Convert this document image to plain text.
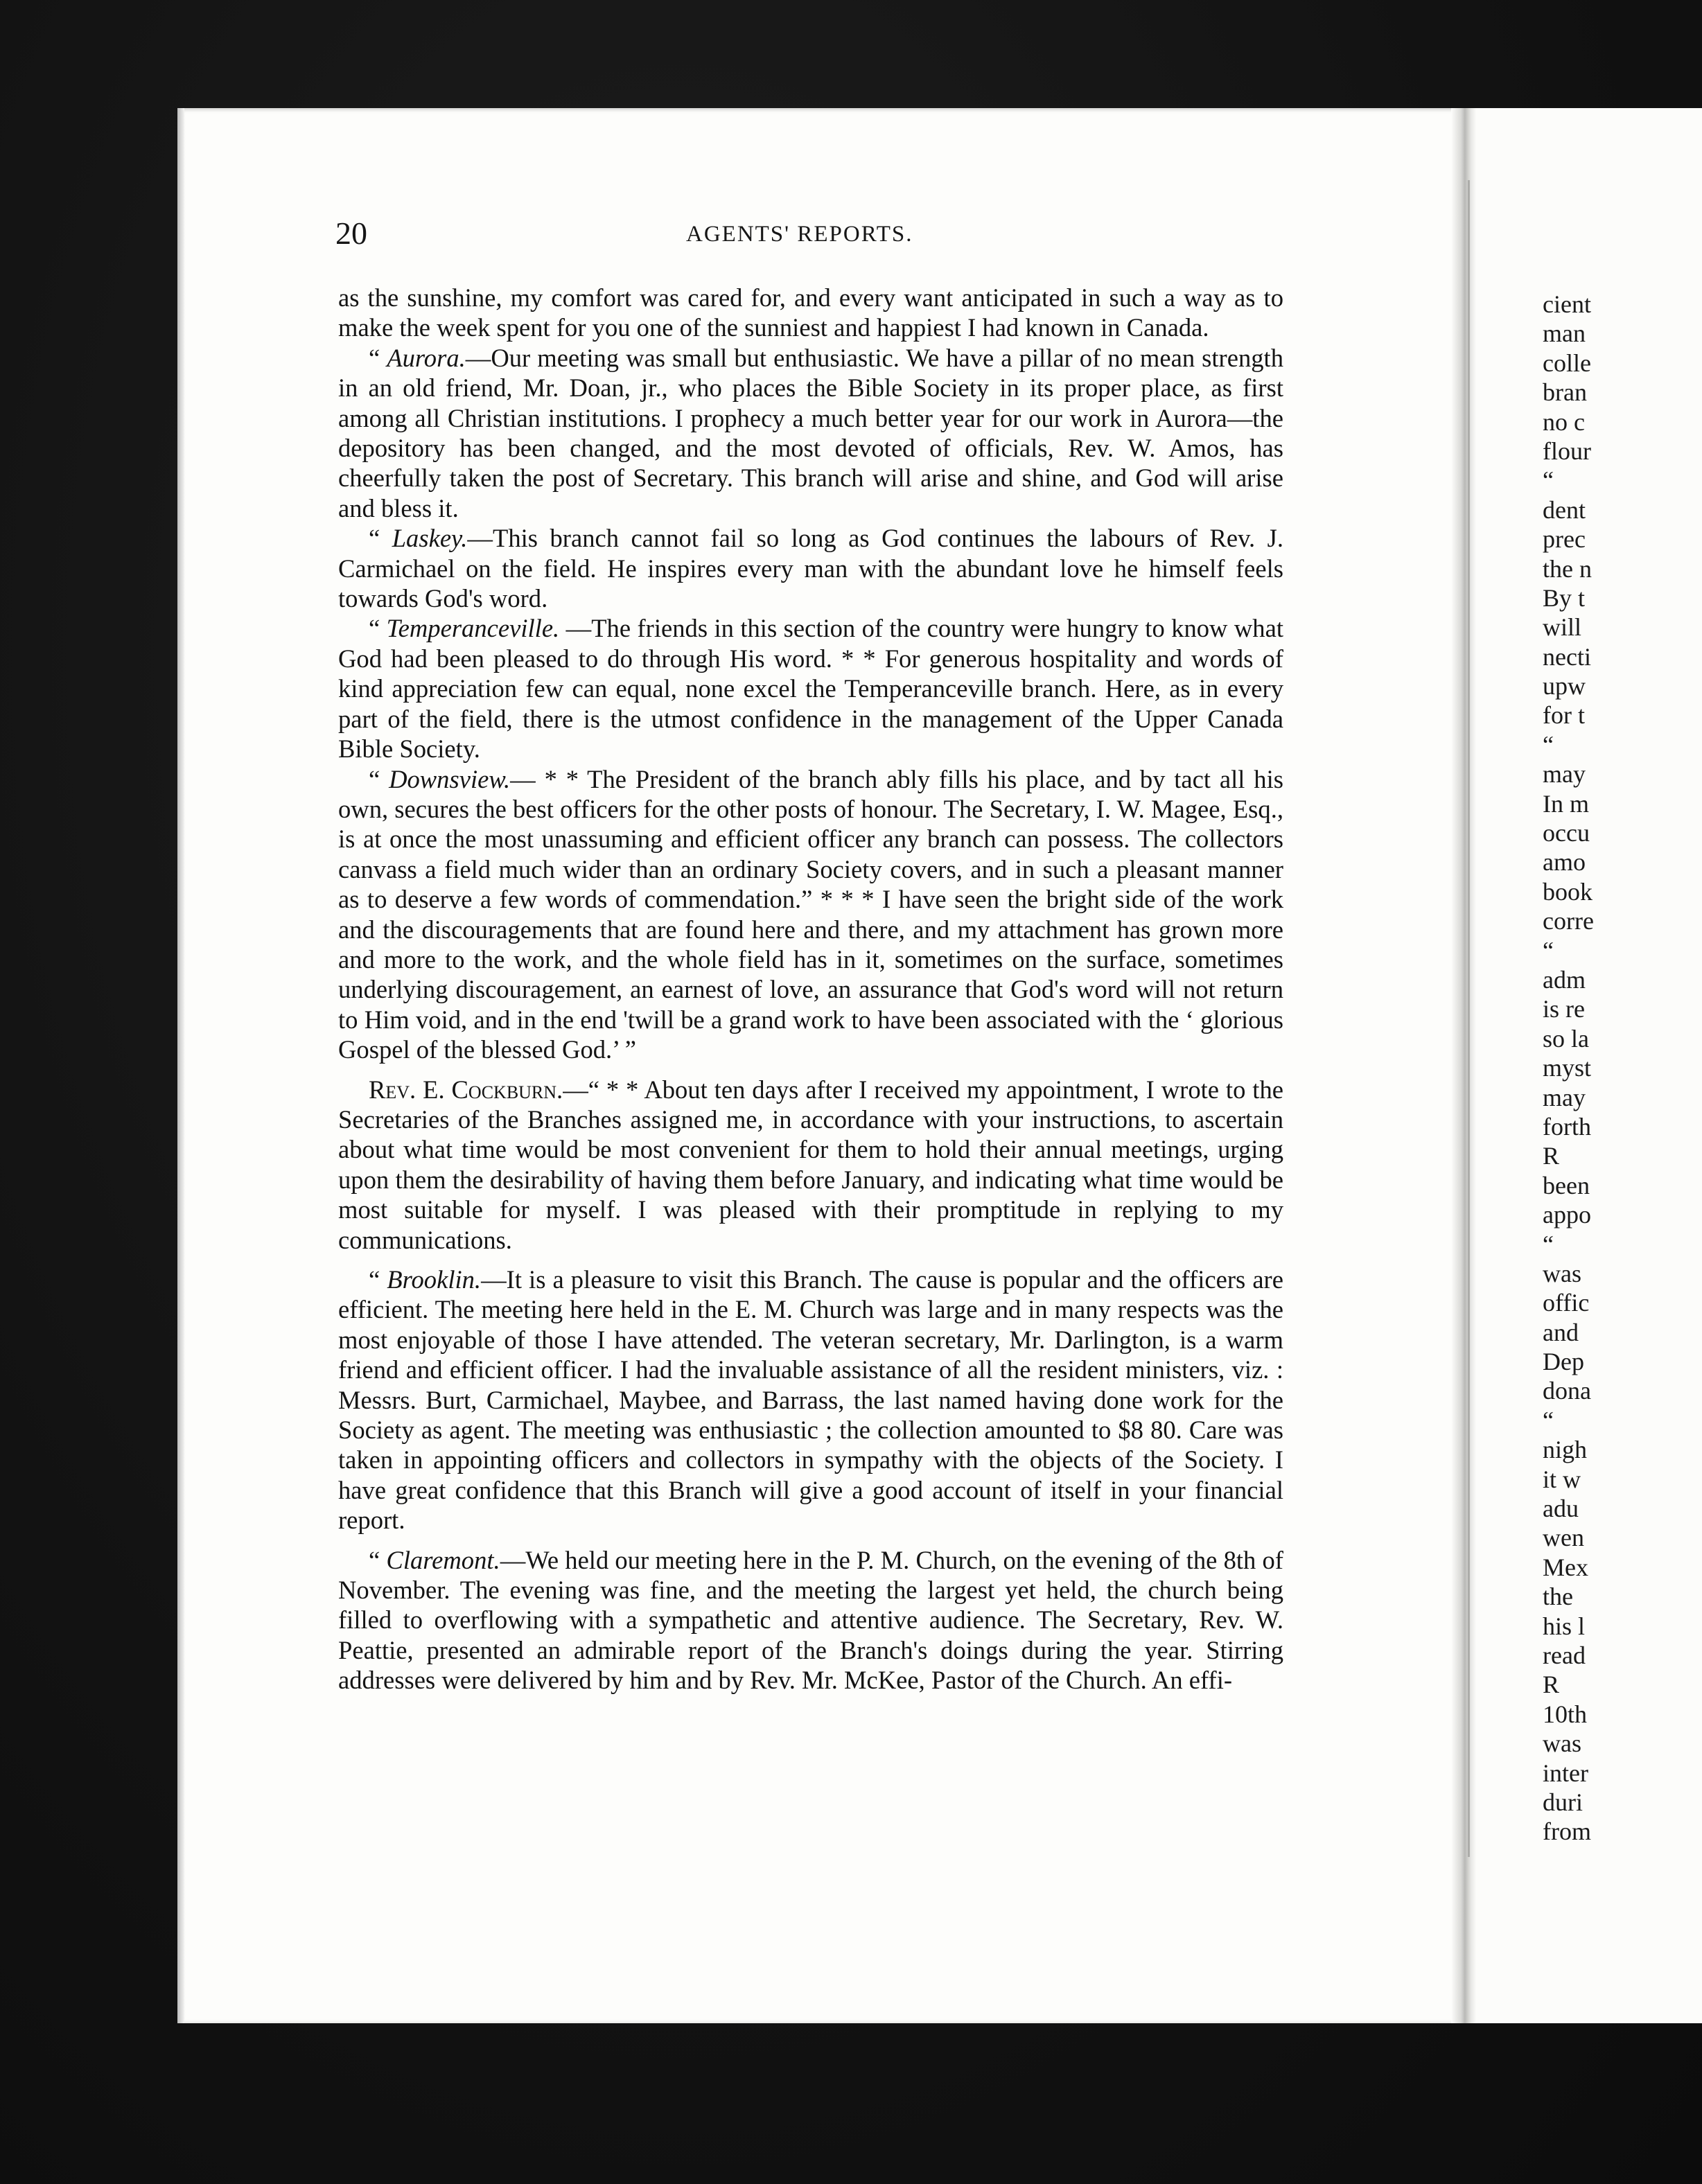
20	AGENTS' REPORTS.

as the sunshine, my comfort was cared for, and every want anticipated in such a way as to make the week spent for you one of the sunniest and happiest I had known in Canada.

“ Aurora.—Our meeting was small but enthusiastic. We have a pillar of no mean strength in an old friend, Mr. Doan, jr., who places the Bible Society in its proper place, as first among all Christian institutions. I prophecy a much better year for our work in Aurora—the depository has been changed, and the most devoted of officials, Rev. W. Amos, has cheerfully taken the post of Secretary. This branch will arise and shine, and God will arise and bless it.

“ Laskey.—This branch cannot fail so long as God continues the labours of Rev. J. Carmichael on the field. He inspires every man with the abundant love he himself feels towards God's word.

“ Temperanceville. —The friends in this section of the country were hungry to know what God had been pleased to do through His word. * * For generous hospitality and words of kind appreciation few can equal, none excel the Temperanceville branch. Here, as in every part of the field, there is the utmost confidence in the management of the Upper Canada Bible Society.

“ Downsview.— * * The President of the branch ably fills his place, and by tact all his own, secures the best officers for the other posts of honour. The Secretary, I. W. Magee, Esq., is at once the most unassuming and efficient officer any branch can possess. The collectors canvass a field much wider than an ordinary Society covers, and in such a pleasant manner as to deserve a few words of commendation.” * * * I have seen the bright side of the work and the discouragements that are found here and there, and my attachment has grown more and more to the work, and the whole field has in it, sometimes on the surface, sometimes underlying discouragement, an earnest of love, an assurance that God's word will not return to Him void, and in the end 'twill be a grand work to have been associated with the ‘ glorious Gospel of the blessed God.’ ”

Rev. E. Cockburn.—“ * * About ten days after I received my appointment, I wrote to the Secretaries of the Branches assigned me, in accordance with your instructions, to ascertain about what time would be most convenient for them to hold their annual meetings, urging upon them the desirability of having them before January, and indicating what time would be most suitable for myself. I was pleased with their promptitude in replying to my communications.

“ Brooklin.—It is a pleasure to visit this Branch. The cause is popular and the officers are efficient. The meeting here held in the E. M. Church was large and in many respects was the most enjoyable of those I have attended. The veteran secretary, Mr. Darlington, is a warm friend and efficient officer. I had the invaluable assistance of all the resident ministers, viz. : Messrs. Burt, Carmichael, Maybee, and Barrass, the last named having done work for the Society as agent. The meeting was enthusiastic ; the collection amounted to $8 80. Care was taken in appointing officers and collectors in sympathy with the objects of the Society. I have great confidence that this Branch will give a good account of itself in your financial report.

“ Claremont.—We held our meeting here in the P. M. Church, on the evening of the 8th of November. The evening was fine, and the meeting the largest yet held, the church being filled to overflowing with a sympathetic and attentive audience. The Secretary, Rev. W. Peattie, presented an admirable report of the Branch's doings during the year. Stirring addresses were delivered by him and by Rev. Mr. McKee, Pastor of the Church. An effi-

cient
man
colle
bran
no c
flour
“
dent
prec
the n
By t
will
necti
upw
for t
“
may
In m
occu
amo
book
corre
“
adm
is re
so la
myst
may
forth
R
been
appo
“
was
offic
and
Dep
dona
“
nigh
it w
adu
wen
Mex
the
his l
read
R
10th
was
inter
duri
from
